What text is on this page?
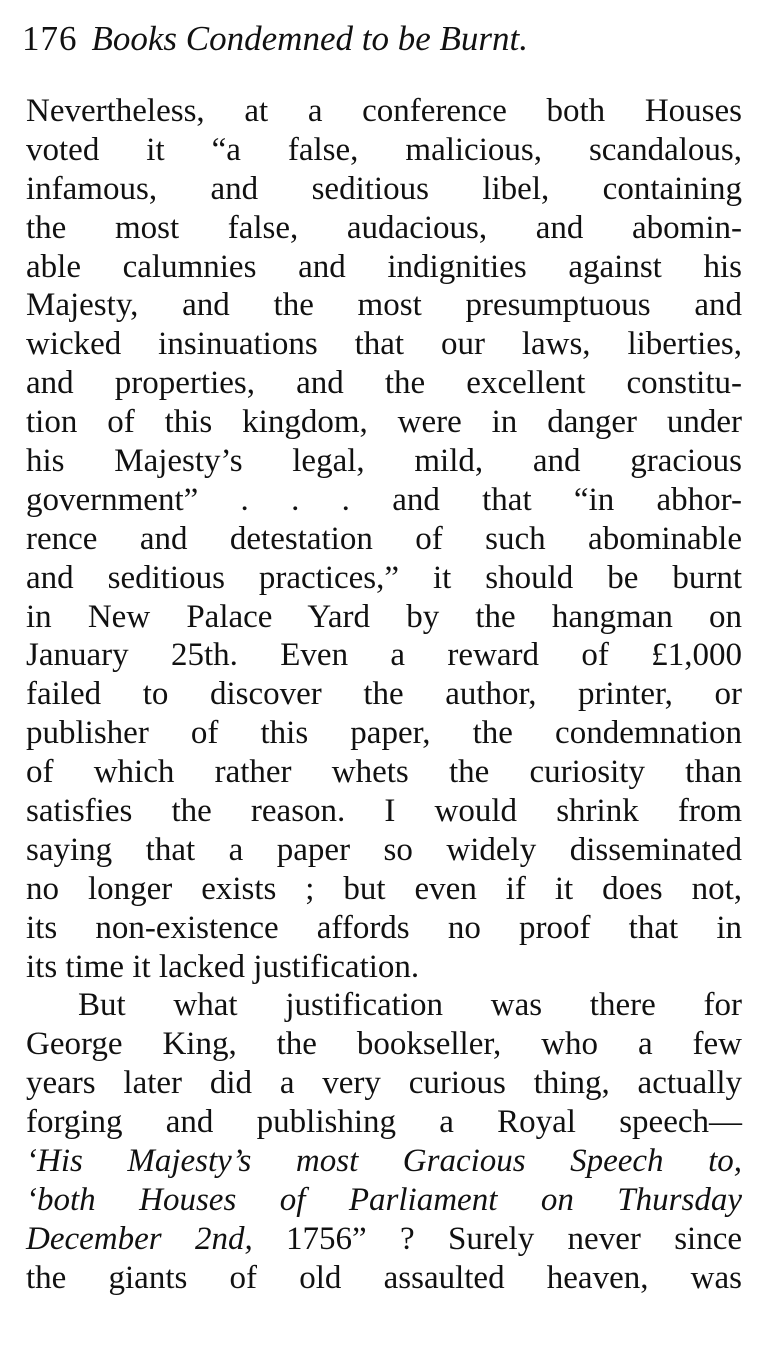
176 Books Condemned to be Burnt.
Nevertheless, at a conference both Houses
voted it “a false, malicious, scandalous,
infamous, and seditious libel, containing
the most false, audacious, and abomin-
able calumnies and indignities against his
Majesty, and the most presumptuous and
wicked insinuations that our laws, liberties,
and properties, and the excellent constitu-
tion of this kingdom, were in danger under
his Majesty’s legal, mild, and gracious
government” . . . and that “in abhor-
rence and detestation of such abominable
and seditious practices,” it should be burnt
in New Palace Yard by the hangman on
January 25th. Even a reward of £1,000
failed to discover the author, printer, or
publisher of this paper, the condemnation
of which rather whets the curiosity than
satisfies the reason. I would shrink from
saying that a paper so widely disseminated
no longer exists ; but even if it does not,
its non-existence affords no proof that in
its time it lacked justification.
But what justification was there for
George King, the bookseller, who a few
years later did a very curious thing, actually
forging and publishing a Royal speech—
‘His Majesty’s most Gracious Speech to,
‘both Houses of Parliament on Thursday
December 2nd, 1756” ? Surely never since
the giants of old assaulted heaven, was
